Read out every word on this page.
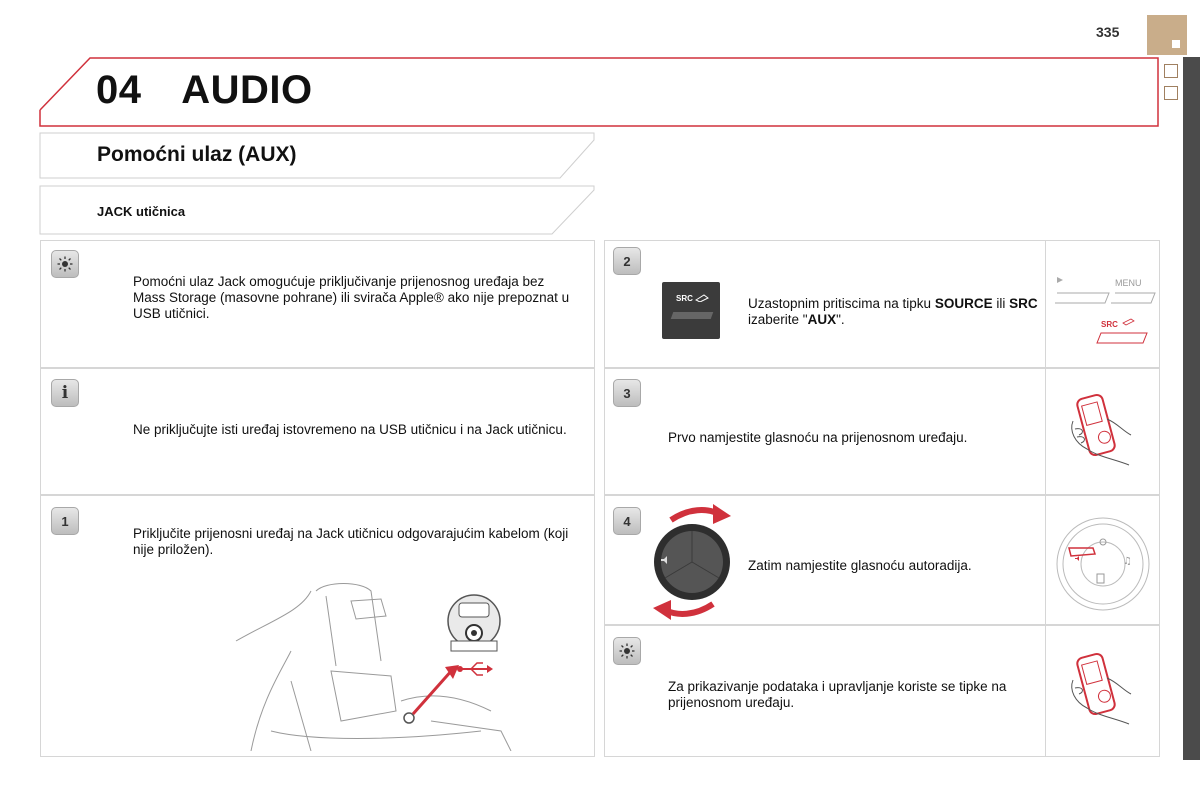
335
04 AUDIO
Pomoćni ulaz (AUX)
JACK utičnica
Pomoćni ulaz Jack omogućuje priključivanje prijenosnog uređaja bez Mass Storage (masovne pohrane) ili svirača Apple® ako nije prepoznat u USB utičnici.
i
Ne priključujte isti uređaj istovremeno na USB utičnicu i na Jack utičnicu.
1
Priključite prijenosni uređaj na Jack utičnicu odgovarajućim kabelom (koji nije priložen).
2
Uzastopnim pritiscima na tipku SOURCE ili SRC izaberite "AUX".
MENU
SRC
SRC
3
Prvo namjestite glasnoću na prijenosnom uređaju.
4
Zatim namjestite glasnoću autoradija.	♫
Za prikazivanje podataka i upravljanje koriste se tipke na prijenosnom uređaju.
